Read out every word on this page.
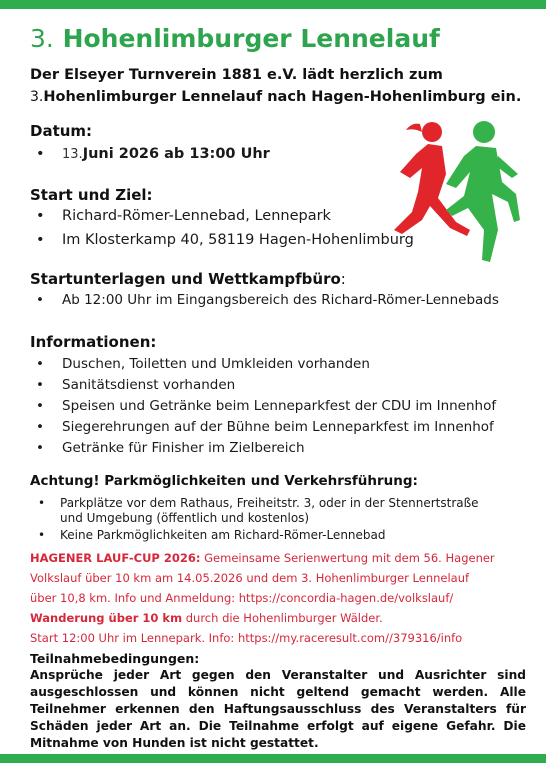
3. Hohenlimburger Lennelauf
Der Elseyer Turnverein 1881 e.V. lädt herzlich zum
3.Hohenlimburger Lennelauf nach Hagen-Hohenlimburg ein.
Datum:
• 13.Juni 2026 ab 13:00 Uhr
Start und Ziel:
• Richard-Römer-Lennebad, Lennepark
• Im Klosterkamp 40, 58119 Hagen-Hohenlimburg
Startunterlagen und Wettkampfbüro:
• Ab 12:00 Uhr im Eingangsbereich des Richard-Römer-Lennebads
Informationen:
• Duschen, Toiletten und Umkleiden vorhanden
• Sanitätsdienst vorhanden
• Speisen und Getränke beim Lenneparkfest der CDU im Innenhof
• Siegerehrungen auf der Bühne beim Lenneparkfest im Innenhof
• Getränke für Finisher im Zielbereich
Achtung! Parkmöglichkeiten und Verkehrsführung:
• Parkplätze vor dem Rathaus, Freiheitstr. 3, oder in der Stennertstraße
und Umgebung (öffentlich und kostenlos)
• Keine Parkmöglichkeiten am Richard-Römer-Lennebad
HAGENER LAUF-CUP 2026: Gemeinsame Serienwertung mit dem 56. Hagener
Volkslauf über 10 km am 14.05.2026 und dem 3. Hohenlimburger Lennelauf
über 10,8 km. Info und Anmeldung: https://concordia-hagen.de/volkslauf/
Wanderung über 10 km durch die Hohenlimburger Wälder.
Start 12:00 Uhr im Lennepark. Info: https://my.raceresult.com//379316/info
Teilnahmebedingungen:
Ansprüche jeder Art gegen den Veranstalter und Ausrichter sind ausgeschlossen und können nicht geltend gemacht werden. Alle Teilnehmer erkennen den Haftungsausschluss des Veranstalters für Schäden jeder Art an. Die Teilnahme erfolgt auf eigene Gefahr. Die Mitnahme von Hunden ist nicht gestattet.
